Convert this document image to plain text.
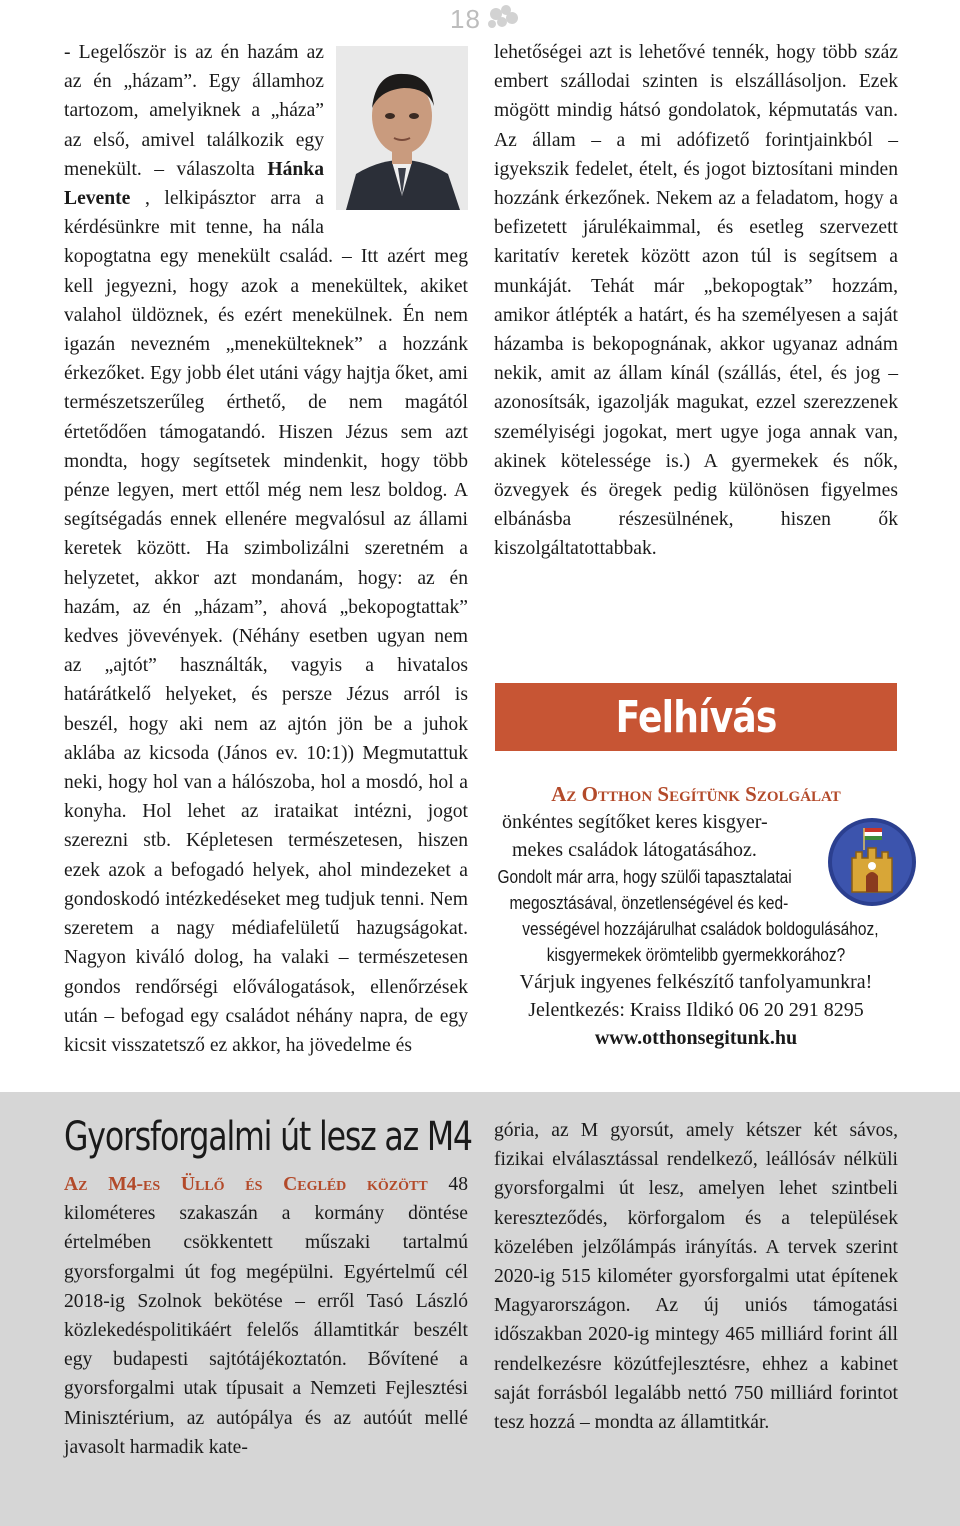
18
- Legelőször is az én hazám az az én „házam”. Egy államhoz tartozom, amelyiknek a „háza” az első, amivel találkozik egy menekült. – válaszolta Hánka Levente , lelkipásztor arra a kérdésünkre mit tenne, ha nála kopogtatna egy menekült család. – Itt azért meg kell jegyezni, hogy azok a menekültek, akiket valahol üldöznek, és ezért menekülnek. Én nem igazán nevezném „menekülteknek” a hozzánk érkezőket. Egy jobb élet utáni vágy hajtja őket, ami természetszerűleg érthető, de nem magától értetődően támogatandó. Hiszen Jézus sem azt mondta, hogy segítsetek mindenkit, hogy több pénze legyen, mert ettől még nem lesz boldog. A segítségadás ennek ellenére megvalósul az állami keretek között. Ha szimbolizálni szeretném a helyzetet, akkor azt mondanám, hogy: az én hazám, az én „házam”, ahová „bekopogtattak” kedves jövevények. (Néhány esetben ugyan nem az „ajtót” használták, vagyis a hivatalos határátkelő helyeket, és persze Jézus arról is beszél, hogy aki nem az ajtón jön be a juhok aklába az kicsoda (János ev. 10:1)) Megmutattuk neki, hogy hol van a hálószoba, hol a mosdó, hol a konyha. Hol lehet az irataikat intézni, jogot szerezni stb. Képletesen természetesen, hiszen ezek azok a befogadó helyek, ahol mindezeket a gondoskodó intézkedéseket meg tudjuk tenni. Nem szeretem a nagy médiafelületű hazugságokat. Nagyon kiváló dolog, ha valaki – természetesen gondos rendőrségi előválogatások, ellenőrzések után – befogad egy családot néhány napra, de egy kicsit visszatetsző ez akkor, ha jövedelme és
lehetőségei azt is lehetővé tennék, hogy több száz embert szállodai szinten is elszállásoljon. Ezek mögött mindig hátsó gondolatok, képmutatás van. Az állam – a mi adófizető forintjainkból – igyekszik fedelet, ételt, és jogot biztosítani minden hozzánk érkezőnek. Nekem az a feladatom, hogy a befizetett járulékaimmal, és esetleg szervezett karitatív keretek között azon túl is segítsem a munkáját. Tehát már „bekopogtak” hozzám, amikor átlépték a határt, és ha személyesen a saját házamba is bekopognának, akkor ugyanaz adnám nekik, amit az állam kínál (szállás, étel, és jog – azonosítsák, igazolják magukat, ezzel szerezzenek személyiségi jogokat, mert ugye joga annak van, akinek kötelessége is.) A gyermekek és nők, özvegyek és öregek pedig különösen figyelmes elbánásba részesülnének, hiszen ők kiszolgáltatottabbak.
Felhívás
Az Otthon Segítünk Szolgálat
önkéntes segítőket keres kisgyer-
mekes családok látogatásához.
Gondolt már arra, hogy szülői tapasztalatai
megosztásával, önzetlenségével és ked-
vességével hozzájárulhat családok boldogulásához,
kisgyermekek örömtelibb gyermekkorához?
Várjuk ingyenes felkészítő tanfolyamunkra!
Jelentkezés: Kraiss Ildikó 06 20 291 8295
www.otthonsegitunk.hu
Gyorsforgalmi út lesz az M4
Az M4-es Üllő és Cegléd között 48 kilométeres szakaszán a kormány döntése értelmében csökkentett műszaki tartalmú gyorsforgalmi út fog megépülni. Egyértelmű cél 2018-ig Szolnok bekötése – erről Tasó László közlekedéspolitikáért felelős államtitkár beszélt egy budapesti sajtótájékoztatón. Bővítené a gyorsforgalmi utak típusait a Nemzeti Fejlesztési Minisztérium, az autópálya és az autóút mellé javasolt harmadik kate-
gória, az M gyorsút, amely kétszer két sávos, fizikai elválasztással rendelkező, leállósáv nélküli gyorsforgalmi út lesz, amelyen lehet szintbeli kereszteződés, körforgalom és a települések közelében jelzőlámpás irányítás. A tervek szerint 2020-ig 515 kilométer gyorsforgalmi utat építenek Magyarországon. Az új uniós támogatási időszakban 2020-ig mintegy 465 milliárd forint áll rendelkezésre közútfejlesztésre, ehhez a kabinet saját forrásból legalább nettó 750 milliárd forintot tesz hozzá – mondta az államtitkár.
